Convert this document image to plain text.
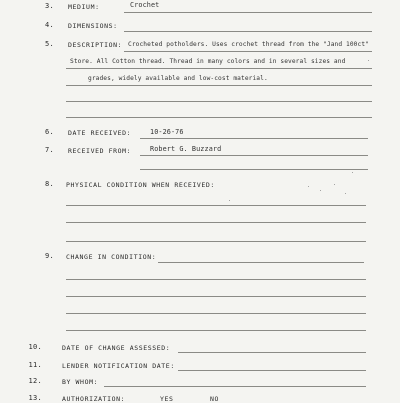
3. MEDIUM:	Crochet
4. DIMENSIONS:
5. DESCRIPTION: Crocheted potholders. Uses crochet thread from the "Jand 100ct"
Store. All Cotton thread. Thread in many colors and in several sizes and
grades, widely available and low-cost material.
6. DATE RECEIVED:	10-26-76
7. RECEIVED FROM:	Robert G. Buzzard
8. PHYSICAL CONDITION WHEN RECEIVED:
9. CHANGE IN CONDITION:
10.	DATE OF CHANGE ASSESSED:
11.	LENDER NOTIFICATION DATE:
12.	BY WHOM:
13.	AUTHORIZATION:	YES	NO
